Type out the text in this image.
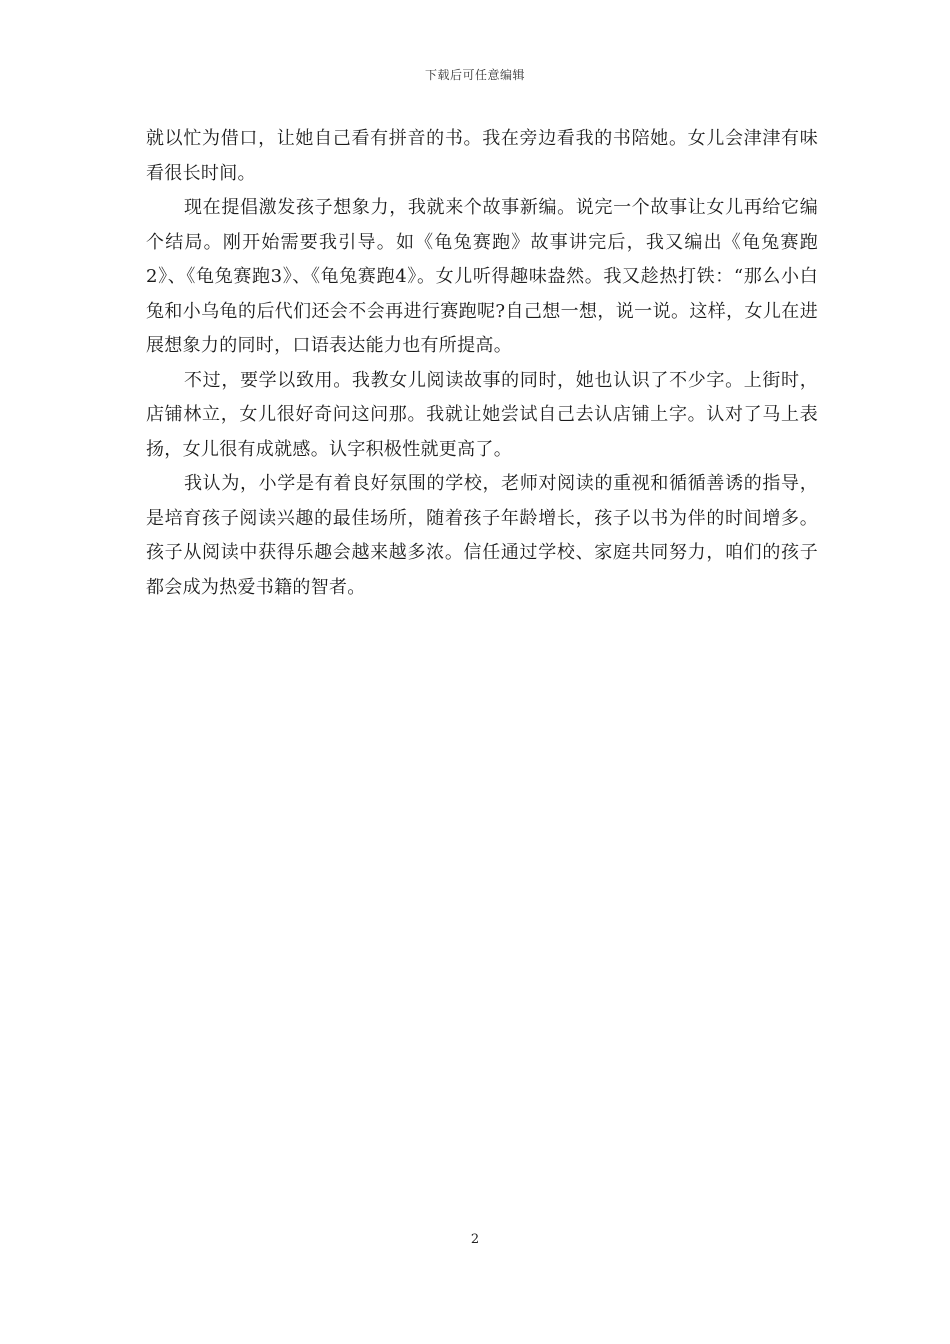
下载后可任意编辑

就以忙为借口，让她自己看有拼音的书。我在旁边看我的书陪她。女儿会津津有味看很长时间。

现在提倡激发孩子想象力，我就来个故事新编。说完一个故事让女儿再给它编个结局。刚开始需要我引导。如《龟兔赛跑》故事讲完后，我又编出《龟兔赛跑2》、《龟兔赛跑3》、《龟兔赛跑4》。女儿听得趣味盎然。我又趁热打铁：“那么小白兔和小乌龟的后代们还会不会再进行赛跑呢?自己想一想，说一说。这样，女儿在进展想象力的同时，口语表达能力也有所提高。

不过，要学以致用。我教女儿阅读故事的同时，她也认识了不少字。上街时，店铺林立，女儿很好奇问这问那。我就让她尝试自己去认店铺上字。认对了马上表扬，女儿很有成就感。认字积极性就更高了。

我认为，小学是有着良好氛围的学校，老师对阅读的重视和循循善诱的指导，是培育孩子阅读兴趣的最佳场所，随着孩子年龄增长，孩子以书为伴的时间增多。孩子从阅读中获得乐趣会越来越多浓。信任通过学校、家庭共同努力，咱们的孩子都会成为热爱书籍的智者。

2
